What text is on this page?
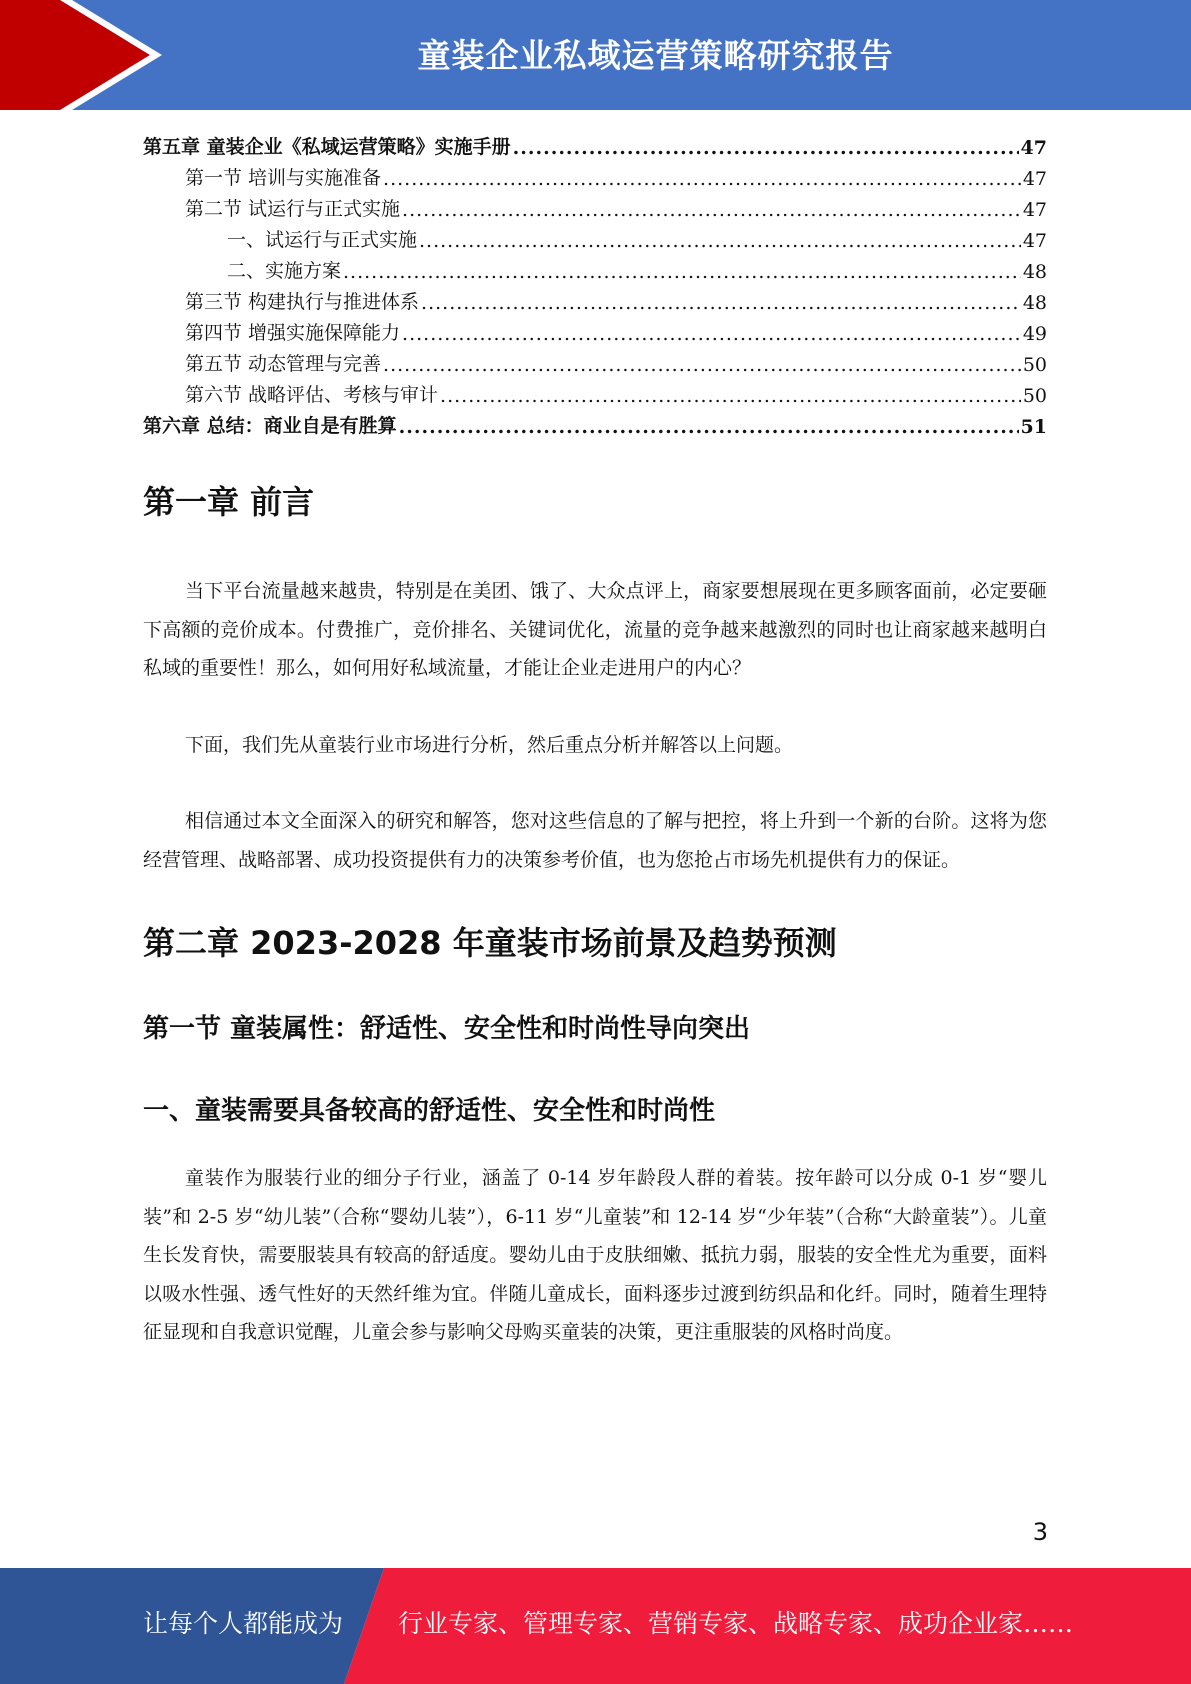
童装企业私域运营策略研究报告
第五章 童装企业《私域运营策略》实施手册 .....	47
第一节 培训与实施准备 .....	47
第二节 试运行与正式实施 .....	47
一、试运行与正式实施 .....	47
二、实施方案 .....	48
第三节 构建执行与推进体系 .....	48
第四节 增强实施保障能力 .....	49
第五节 动态管理与完善 .....	50
第六节 战略评估、考核与审计 .....	50
第六章 总结：商业自是有胜算 .....	51
第一章 前言

当下平台流量越来越贵，特别是在美团、饿了、大众点评上，商家要想展现在更多顾客面前，必定要砸下高额的竞价成本。付费推广，竞价排名、关键词优化，流量的竞争越来越激烈的同时也让商家越来越明白私域的重要性！那么，如何用好私域流量，才能让企业走进用户的内心？

下面，我们先从童装行业市场进行分析，然后重点分析并解答以上问题。

相信通过本文全面深入的研究和解答，您对这些信息的了解与把控，将上升到一个新的台阶。这将为您经营管理、战略部署、成功投资提供有力的决策参考价值，也为您抢占市场先机提供有力的保证。

第二章 2023-2028 年童装市场前景及趋势预测
第一节 童装属性：舒适性、安全性和时尚性导向突出
一、童装需要具备较高的舒适性、安全性和时尚性

童装作为服装行业的细分子行业，涵盖了 0-14 岁年龄段人群的着装。按年龄可以分成 0-1 岁“婴儿装”和 2-5 岁“幼儿装”（合称“婴幼儿装”），6-11 岁“儿童装”和 12-14 岁“少年装”（合称“大龄童装”）。儿童生长发育快，需要服装具有较高的舒适度。婴幼儿由于皮肤细嫩、抵抗力弱，服装的安全性尤为重要，面料以吸水性强、透气性好的天然纤维为宜。伴随儿童成长，面料逐步过渡到纺织品和化纤。同时，随着生理特征显现和自我意识觉醒，儿童会参与影响父母购买童装的决策，更注重服装的风格时尚度。

3
让每个人都能成为 行业专家、管理专家、营销专家、战略专家、成功企业家……
